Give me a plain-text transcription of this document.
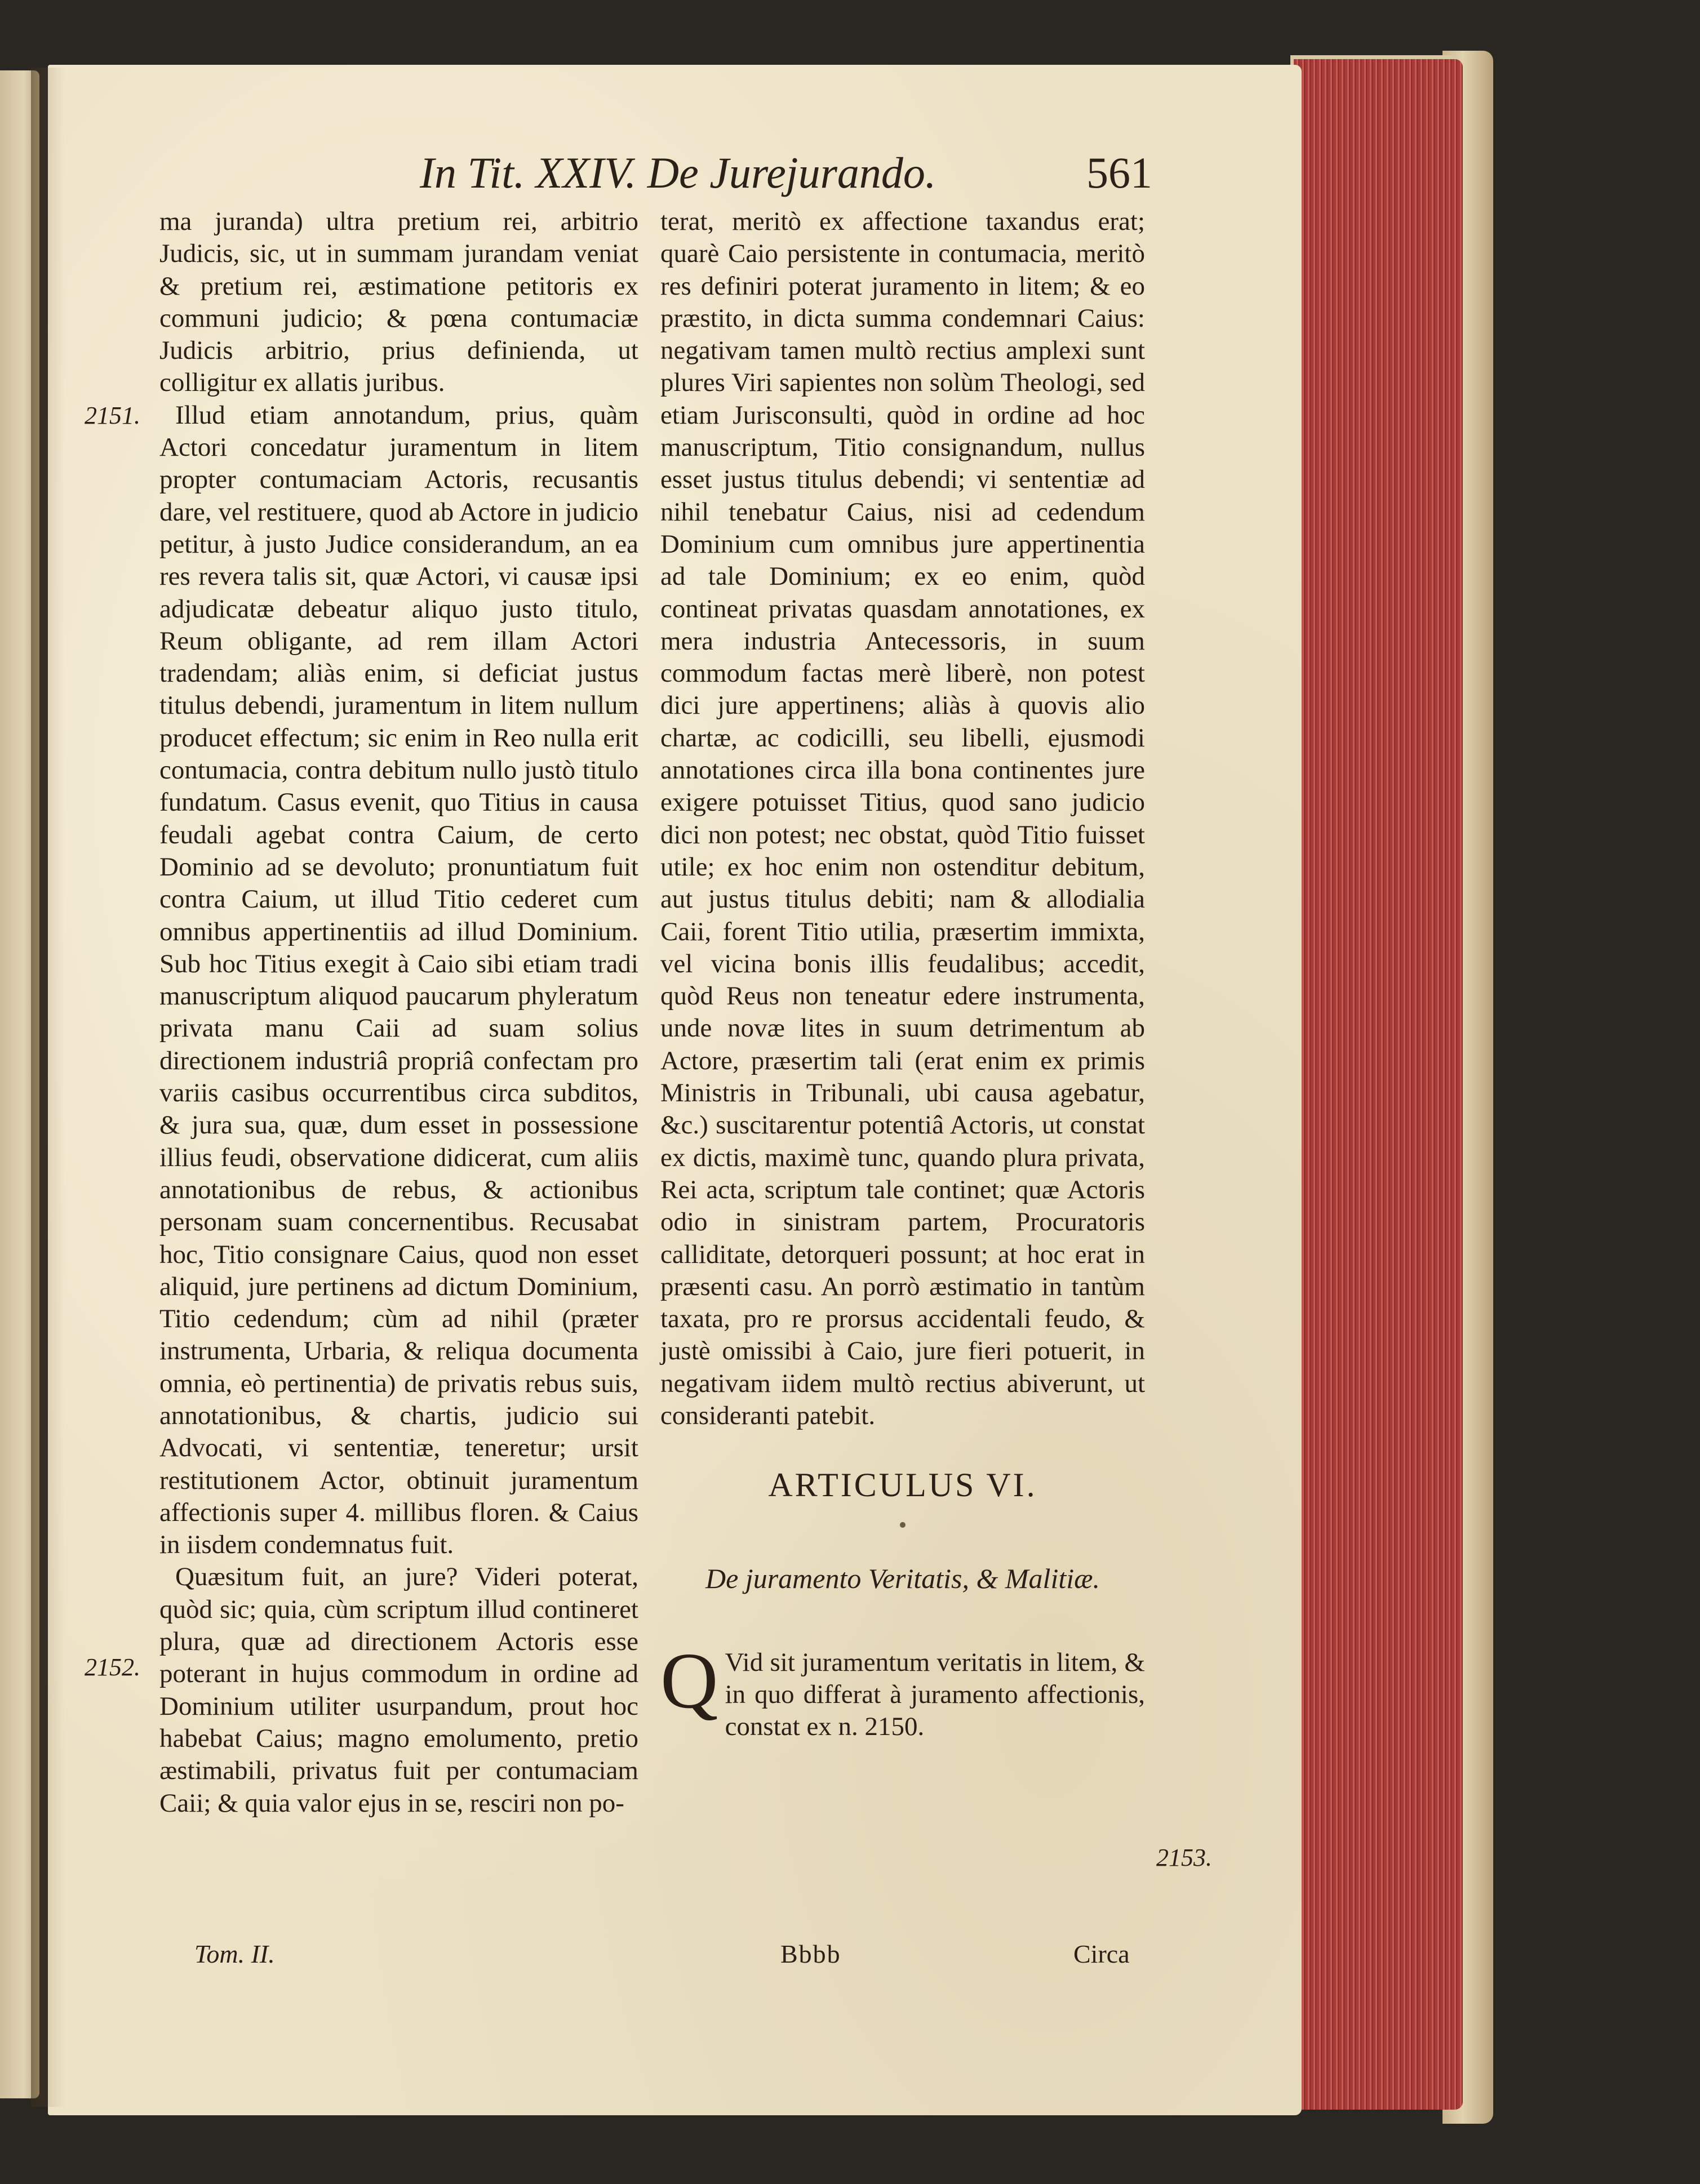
In Tit. XXIV. De Jurejurando.	561
2151.
2152.
2153.

ma juranda) ultra pretium rei, arbitrio Judicis, sic, ut in summam jurandam veniat & pretium rei, æstimatione petitoris ex communi judicio; & pœna contumaciæ Judicis arbitrio, prius definienda, ut colligitur ex allatis juribus.

Illud etiam annotandum, prius, quàm Actori concedatur juramentum in litem propter contumaciam Actoris, recusantis dare, vel restituere, quod ab Actore in judicio petitur, à justo Judice considerandum, an ea res revera talis sit, quæ Actori, vi causæ ipsi adjudicatæ debeatur aliquo justo titulo, Reum obligante, ad rem illam Actori tradendam; aliàs enim, si deficiat justus titulus debendi, juramentum in litem nullum producet effectum; sic enim in Reo nulla erit contumacia, contra debitum nullo justò titulo fundatum. Casus evenit, quo Titius in causa feudali agebat contra Caium, de certo Dominio ad se devoluto; pronuntiatum fuit contra Caium, ut illud Titio cederet cum omnibus appertinentiis ad illud Dominium. Sub hoc Titius exegit à Caio sibi etiam tradi manuscriptum aliquod paucarum phyleratum privata manu Caii ad suam solius directionem industriâ propriâ confectam pro variis casibus occurrentibus circa subditos, & jura sua, quæ, dum esset in possessione illius feudi, observatione didicerat, cum aliis annotationibus de rebus, & actionibus personam suam concernentibus. Recusabat hoc, Titio consignare Caius, quod non esset aliquid, jure pertinens ad dictum Dominium, Titio cedendum; cùm ad nihil (præter instrumenta, Urbaria, & reliqua documenta omnia, eò pertinentia) de privatis rebus suis, annotationibus, & chartis, judicio sui Advocati, vi sententiæ, teneretur; ursit restitutionem Actor, obtinuit juramentum affectionis super 4. millibus floren. & Caius in iisdem condemnatus fuit.

Quæsitum fuit, an jure? Videri poterat, quòd sic; quia, cùm scriptum illud contineret plura, quæ ad directionem Actoris esse poterant in hujus commodum in ordine ad Dominium utiliter usurpandum, prout hoc habebat Caius; magno emolumento, pretio æstimabili, privatus fuit per contumaciam Caii; & quia valor ejus in se, resciri non po-

terat, meritò ex affectione taxandus erat; quarè Caio persistente in contumacia, meritò res definiri poterat juramento in litem; & eo præstito, in dicta summa condemnari Caius: negativam tamen multò rectius amplexi sunt plures Viri sapientes non solùm Theologi, sed etiam Jurisconsulti, quòd in ordine ad hoc manuscriptum, Titio consignandum, nullus esset justus titulus debendi; vi sententiæ ad nihil tenebatur Caius, nisi ad cedendum Dominium cum omnibus jure appertinentia ad tale Dominium; ex eo enim, quòd contineat privatas quasdam annotationes, ex mera industria Antecessoris, in suum commodum factas merè liberè, non potest dici jure appertinens; aliàs à quovis alio chartæ, ac codicilli, seu libelli, ejusmodi annotationes circa illa bona continentes jure exigere potuisset Titius, quod sano judicio dici non potest; nec obstat, quòd Titio fuisset utile; ex hoc enim non ostenditur debitum, aut justus titulus debiti; nam & allodialia Caii, forent Titio utilia, præsertim immixta, vel vicina bonis illis feudalibus; accedit, quòd Reus non teneatur edere instrumenta, unde novæ lites in suum detrimentum ab Actore, præsertim tali (erat enim ex primis Ministris in Tribunali, ubi causa agebatur, &c.) suscitarentur potentiâ Actoris, ut constat ex dictis, maximè tunc, quando plura privata, Rei acta, scriptum tale continet; quæ Actoris odio in sinistram partem, Procuratoris calliditate, detorqueri possunt; at hoc erat in præsenti casu. An porrò æstimatio in tantùm taxata, pro re prorsus accidentali feudo, & justè omissibi à Caio, jure fieri potuerit, in negativam iidem multò rectius abiverunt, ut consideranti patebit.

ARTICULUS VI.
•
De juramento Veritatis, & Malitiæ.

Q Vid sit juramentum veritatis in litem, & in quo differat à juramento affectionis, constat ex n. 2150.

Tom. II.	Bbbb	Circa
